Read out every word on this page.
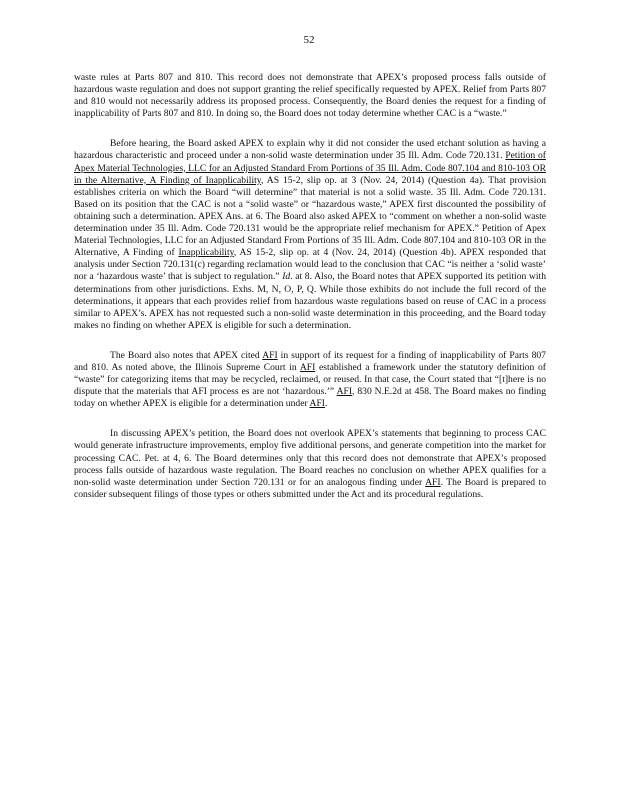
52

waste rules at Parts 807 and 810. This record does not demonstrate that APEX’s proposed process falls outside of hazardous waste regulation and does not support granting the relief specifically requested by APEX. Relief from Parts 807 and 810 would not necessarily address its proposed process. Consequently, the Board denies the request for a finding of inapplicability of Parts 807 and 810. In doing so, the Board does not today determine whether CAC is a “waste.”

Before hearing, the Board asked APEX to explain why it did not consider the used etchant solution as having a hazardous characteristic and proceed under a non-solid waste determination under 35 Ill. Adm. Code 720.131. Petition of Apex Material Technologies, LLC for an Adjusted Standard From Portions of 35 Ill. Adm. Code 807.104 and 810-103 OR in the Alternative, A Finding of Inapplicability, AS 15-2, slip op. at 3 (Nov. 24, 2014) (Question 4a). That provision establishes criteria on which the Board “will determine” that material is not a solid waste. 35 Ill. Adm. Code 720.131. Based on its position that the CAC is not a “solid waste” or “hazardous waste,” APEX first discounted the possibility of obtaining such a determination. APEX Ans. at 6. The Board also asked APEX to “comment on whether a non-solid waste determination under 35 Ill. Adm. Code 720.131 would be the appropriate relief mechanism for APEX.” Petition of Apex Material Technologies, LLC for an Adjusted Standard From Portions of 35 Ill. Adm. Code 807.104 and 810-103 OR in the Alternative, A Finding of Inapplicability, AS 15-2, slip op. at 4 (Nov. 24, 2014) (Question 4b). APEX responded that analysis under Section 720.131(c) regarding reclamation would lead to the conclusion that CAC “is neither a ‘solid waste’ nor a ‘hazardous waste’ that is subject to regulation.” Id. at 8. Also, the Board notes that APEX supported its petition with determinations from other jurisdictions. Exhs. M, N, O, P, Q. While those exhibits do not include the full record of the determinations, it appears that each provides relief from hazardous waste regulations based on reuse of CAC in a process similar to APEX’s. APEX has not requested such a non-solid waste determination in this proceeding, and the Board today makes no finding on whether APEX is eligible for such a determination.

The Board also notes that APEX cited AFI in support of its request for a finding of inapplicability of Parts 807 and 810. As noted above, the Illinois Supreme Court in AFI established a framework under the statutory definition of “waste” for categorizing items that may be recycled, reclaimed, or reused. In that case, the Court stated that “[t]here is no dispute that the materials that AFI process es are not ‘hazardous.’” AFI, 830 N.E.2d at 458. The Board makes no finding today on whether APEX is eligible for a determination under AFI.

In discussing APEX’s petition, the Board does not overlook APEX’s statements that beginning to process CAC would generate infrastructure improvements, employ five additional persons, and generate competition into the market for processing CAC. Pet. at 4, 6. The Board determines only that this record does not demonstrate that APEX’s proposed process falls outside of hazardous waste regulation. The Board reaches no conclusion on whether APEX qualifies for a non-solid waste determination under Section 720.131 or for an analogous finding under AFI. The Board is prepared to consider subsequent filings of those types or others submitted under the Act and its procedural regulations.
